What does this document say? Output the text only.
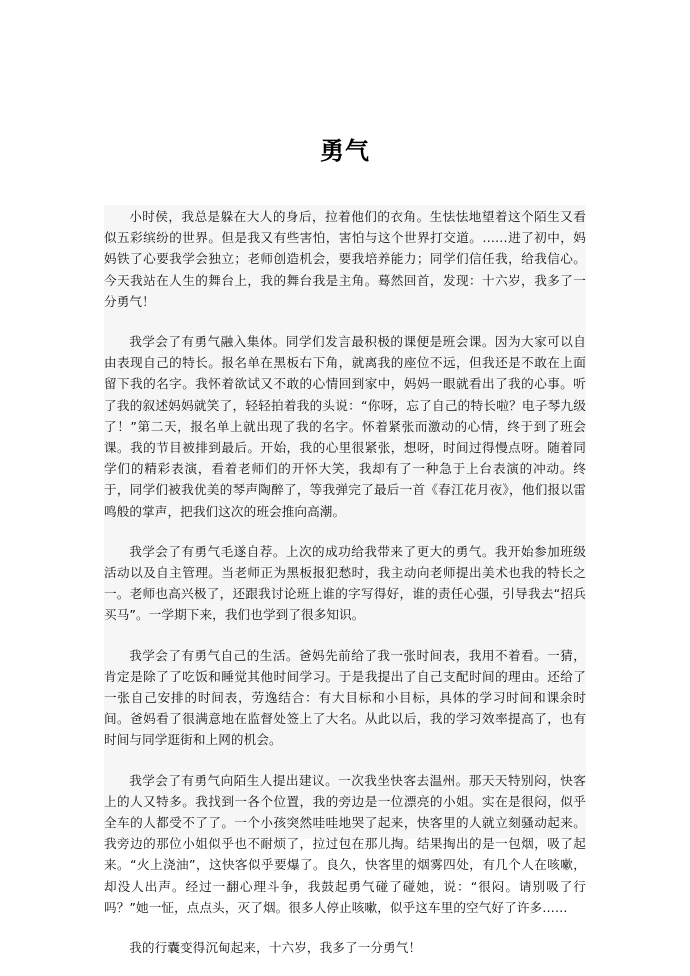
勇气

小时侯，我总是躲在大人的身后，拉着他们的衣角。生怯怯地望着这个陌生又看似五彩缤纷的世界。但是我又有些害怕，害怕与这个世界打交道。……进了初中，妈妈铁了心要我学会独立；老师创造机会，要我培养能力；同学们信任我，给我信心。今天我站在人生的舞台上，我的舞台我是主角。蓦然回首，发现：十六岁，我多了一分勇气！

我学会了有勇气融入集体。同学们发言最积极的课便是班会课。因为大家可以自由表现自己的特长。报名单在黑板右下角，就离我的座位不远，但我还是不敢在上面留下我的名字。我怀着欲试又不敢的心情回到家中，妈妈一眼就看出了我的心事。听了我的叙述妈妈就笑了，轻轻拍着我的头说：“你呀，忘了自己的特长啦？电子琴九级了！”第二天，报名单上就出现了我的名字。怀着紧张而激动的心情，终于到了班会课。我的节目被排到最后。开始，我的心里很紧张，想呀，时间过得慢点呀。随着同学们的精彩表演，看着老师们的开怀大笑，我却有了一种急于上台表演的冲动。终于，同学们被我优美的琴声陶醉了，等我弹完了最后一首《春江花月夜》，他们报以雷鸣般的掌声，把我们这次的班会推向高潮。

我学会了有勇气毛遂自荐。上次的成功给我带来了更大的勇气。我开始参加班级活动以及自主管理。当老师正为黑板报犯愁时，我主动向老师提出美术也我的特长之一。老师也高兴极了，还跟我讨论班上谁的字写得好，谁的责任心强，引导我去“招兵买马”。一学期下来，我们也学到了很多知识。

我学会了有勇气自己的生活。爸妈先前给了我一张时间表，我用不着看。一猜，肯定是除了了吃饭和睡觉其他时间学习。于是我提出了自己支配时间的理由。还给了一张自己安排的时间表，劳逸结合：有大目标和小目标，具体的学习时间和课余时间。爸妈看了很满意地在监督处签上了大名。从此以后，我的学习效率提高了，也有时间与同学逛街和上网的机会。

我学会了有勇气向陌生人提出建议。一次我坐快客去温州。那天天特别闷，快客上的人又特多。我找到一各个位置，我的旁边是一位漂亮的小姐。实在是很闷，似乎全车的人都受不了了。一个小孩突然哇哇地哭了起来，快客里的人就立刻骚动起来。我旁边的那位小姐似乎也不耐烦了，拉过包在那儿掏。结果掏出的是一包烟，吸了起来。“火上浇油”，这快客似乎要爆了。良久，快客里的烟雾四处，有几个人在咳嗽，却没人出声。经过一翻心理斗争，我鼓起勇气碰了碰她，说：“很闷。请别吸了行吗？”她一怔，点点头，灭了烟。很多人停止咳嗽，似乎这车里的空气好了许多……

我的行囊变得沉甸起来，十六岁，我多了一分勇气！
